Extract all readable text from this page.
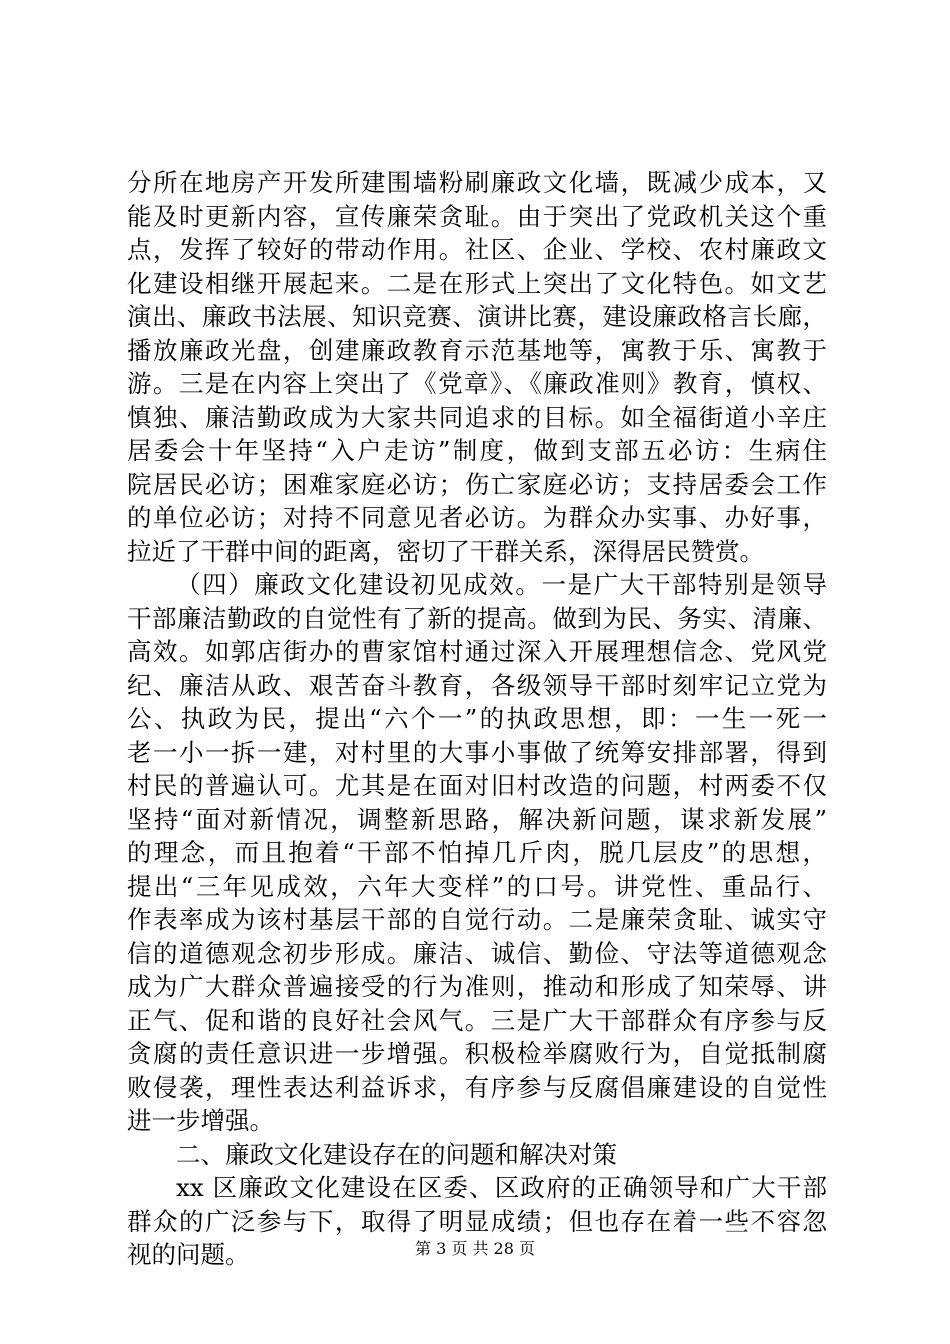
分所在地房产开发所建围墙粉刷廉政文化墙，既减少成本，又
能及时更新内容，宣传廉荣贪耻。由于突出了党政机关这个重
点，发挥了较好的带动作用。社区、企业、学校、农村廉政文
化建设相继开展起来。二是在形式上突出了文化特色。如文艺
演出、廉政书法展、知识竞赛、演讲比赛，建设廉政格言长廊，
播放廉政光盘，创建廉政教育示范基地等，寓教于乐、寓教于
游。三是在内容上突出了《党章》、《廉政准则》教育，慎权、
慎独、廉洁勤政成为大家共同追求的目标。如全福街道小辛庄
居委会十年坚持“入户走访”制度，做到支部五必访：生病住
院居民必访；困难家庭必访；伤亡家庭必访；支持居委会工作
的单位必访；对持不同意见者必访。为群众办实事、办好事，
拉近了干群中间的距离，密切了干群关系，深得居民赞赏。
（四）廉政文化建设初见成效。一是广大干部特别是领导
干部廉洁勤政的自觉性有了新的提高。做到为民、务实、清廉、
高效。如郭店街办的曹家馆村通过深入开展理想信念、党风党
纪、廉洁从政、艰苦奋斗教育，各级领导干部时刻牢记立党为
公、执政为民，提出“六个一”的执政思想，即：一生一死一
老一小一拆一建，对村里的大事小事做了统筹安排部署，得到
村民的普遍认可。尤其是在面对旧村改造的问题，村两委不仅
坚持“面对新情况，调整新思路，解决新问题，谋求新发展”
的理念，而且抱着“干部不怕掉几斤肉，脱几层皮”的思想，
提出“三年见成效，六年大变样”的口号。讲党性、重品行、
作表率成为该村基层干部的自觉行动。二是廉荣贪耻、诚实守
信的道德观念初步形成。廉洁、诚信、勤俭、守法等道德观念
成为广大群众普遍接受的行为准则，推动和形成了知荣辱、讲
正气、促和谐的良好社会风气。三是广大干部群众有序参与反
贪腐的责任意识进一步增强。积极检举腐败行为，自觉抵制腐
败侵袭，理性表达利益诉求，有序参与反腐倡廉建设的自觉性
进一步增强。
二、廉政文化建设存在的问题和解决对策
xx 区廉政文化建设在区委、区政府的正确领导和广大干部
群众的广泛参与下，取得了明显成绩；但也存在着一些不容忽
视的问题。	第 3 页 共 28 页
